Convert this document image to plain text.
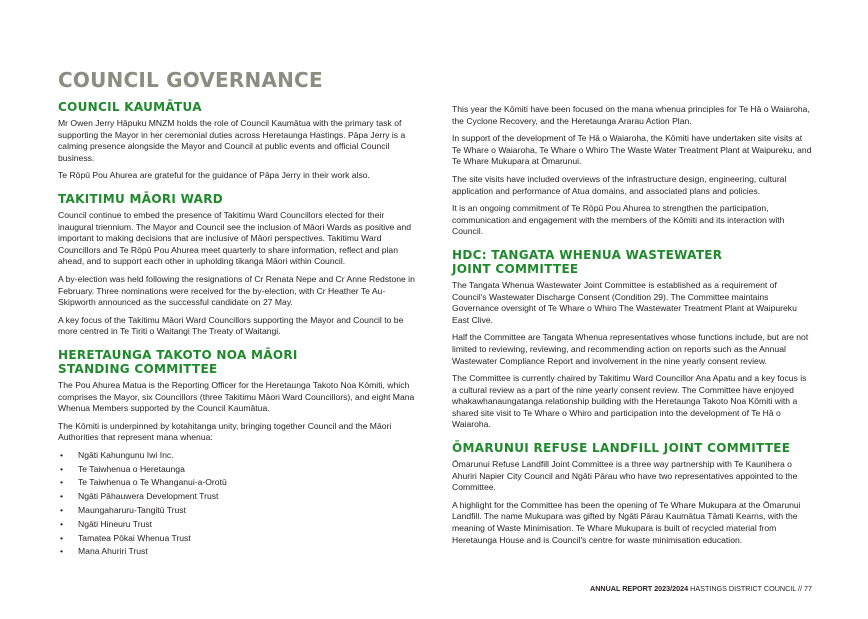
COUNCIL GOVERNANCE
COUNCIL KAUMĀTUA

Mr Owen Jerry Hāpuku MNZM holds the role of Council Kaumātua with the primary task of supporting the Mayor in her ceremonial duties across Heretaunga Hastings. Pāpa Jerry is a calming presence alongside the Mayor and Council at public events and official Council business.

Te Rōpū Pou Ahurea are grateful for the guidance of Pāpa Jerry in their work also.

TAKITIMU MĀORI WARD

Council continue to embed the presence of Takitimu Ward Councillors elected for their inaugural triennium. The Mayor and Council see the inclusion of Māori Wards as positive and important to making decisions that are inclusive of Māori perspectives. Takitimu Ward Councillors and Te Rōpū Pou Ahurea meet quarterly to share information, reflect and plan ahead, and to support each other in upholding tikanga Māori within Council.

A by-election was held following the resignations of Cr Renata Nepe and Cr Anne Redstone in February. Three nominations were received for the by-election, with Cr Heather Te Au-Skipworth announced as the successful candidate on 27 May.

A key focus of the Takitimu Māori Ward Councillors supporting the Mayor and Council to be more centred in Te Tiriti o Waitangi The Treaty of Waitangi.

HERETAUNGA TAKOTO NOA MĀORI
STANDING COMMITTEE

The Pou Ahurea Matua is the Reporting Officer for the Heretaunga Takoto Noa Kōmiti, which comprises the Mayor, six Councillors (three Takitimu Māori Ward Councillors), and eight Mana Whenua Members supported by the Council Kaumātua.

The Kōmiti is underpinned by kotahitanga unity, bringing together Council and the Māori Authorities that represent mana whenua:

• Ngāti Kahungunu Iwi Inc.
• Te Taiwhenua o Heretaunga
• Te Taiwhenua o Te Whanganui-a-Orotū
• Ngāti Pāhauwera Development Trust
• Maungaharuru-Tangitū Trust
• Ngāti Hineuru Trust
• Tamatea Pōkai Whenua Trust
• Mana Ahuriri Trust

This year the Kōmiti have been focused on the mana whenua principles for Te Hā o Waiaroha, the Cyclone Recovery, and the Heretaunga Ararau Action Plan.

In support of the development of Te Hā o Waiaroha, the Kōmiti have undertaken site visits at Te Whare o Waiaroha, Te Whare o Whiro The Waste Water Treatment Plant at Waipureku, and Te Whare Mukupara at Ōmarunui.

The site visits have included overviews of the infrastructure design, engineering, cultural application and performance of Atua domains, and associated plans and policies.

It is an ongoing commitment of Te Rōpū Pou Ahurea to strengthen the participation, communication and engagement with the members of the Kōmiti and its interaction with Council.

HDC: TANGATA WHENUA WASTEWATER
JOINT COMMITTEE

The Tangata Whenua Wastewater Joint Committee is established as a requirement of Council's Wastewater Discharge Consent (Condition 29). The Committee maintains Governance oversight of Te Whare o Whiro The Wastewater Treatment Plant at Waipureku East Clive.

Half the Committee are Tangata Whenua representatives whose functions include, but are not limited to reviewing, reviewing, and recommending action on reports such as the Annual Wastewater Compliance Report and involvement in the nine yearly consent review.

The Committee is currently chaired by Takitimu Ward Councillor Ana Apatu and a key focus is a cultural review as a part of the nine yearly consent review. The Committee have enjoyed whakawhanaungatanga relationship building with the Heretaunga Takoto Noa Kōmiti with a shared site visit to Te Whare o Whiro and participation into the development of Te Hā o Waiaroha.

ŌMARUNUI REFUSE LANDFILL JOINT COMMITTEE

Ōmarunui Refuse Landfill Joint Committee is a three way partnership with Te Kaunihera o Ahuriri Napier City Council and Ngāti Pārau who have two representatives appointed to the Committee.

A highlight for the Committee has been the opening of Te Whare Mukupara at the Ōmarunui Landfill. The name Mukupara was gifted by Ngāti Pārau Kaumātua Tāmati Kearns, with the meaning of Waste Minimisation. Te Whare Mukupara is built of recycled material from Heretaunga House and is Council's centre for waste minimisation education.

ANNUAL REPORT 2023/2024 HASTINGS DISTRICT COUNCIL // 77
